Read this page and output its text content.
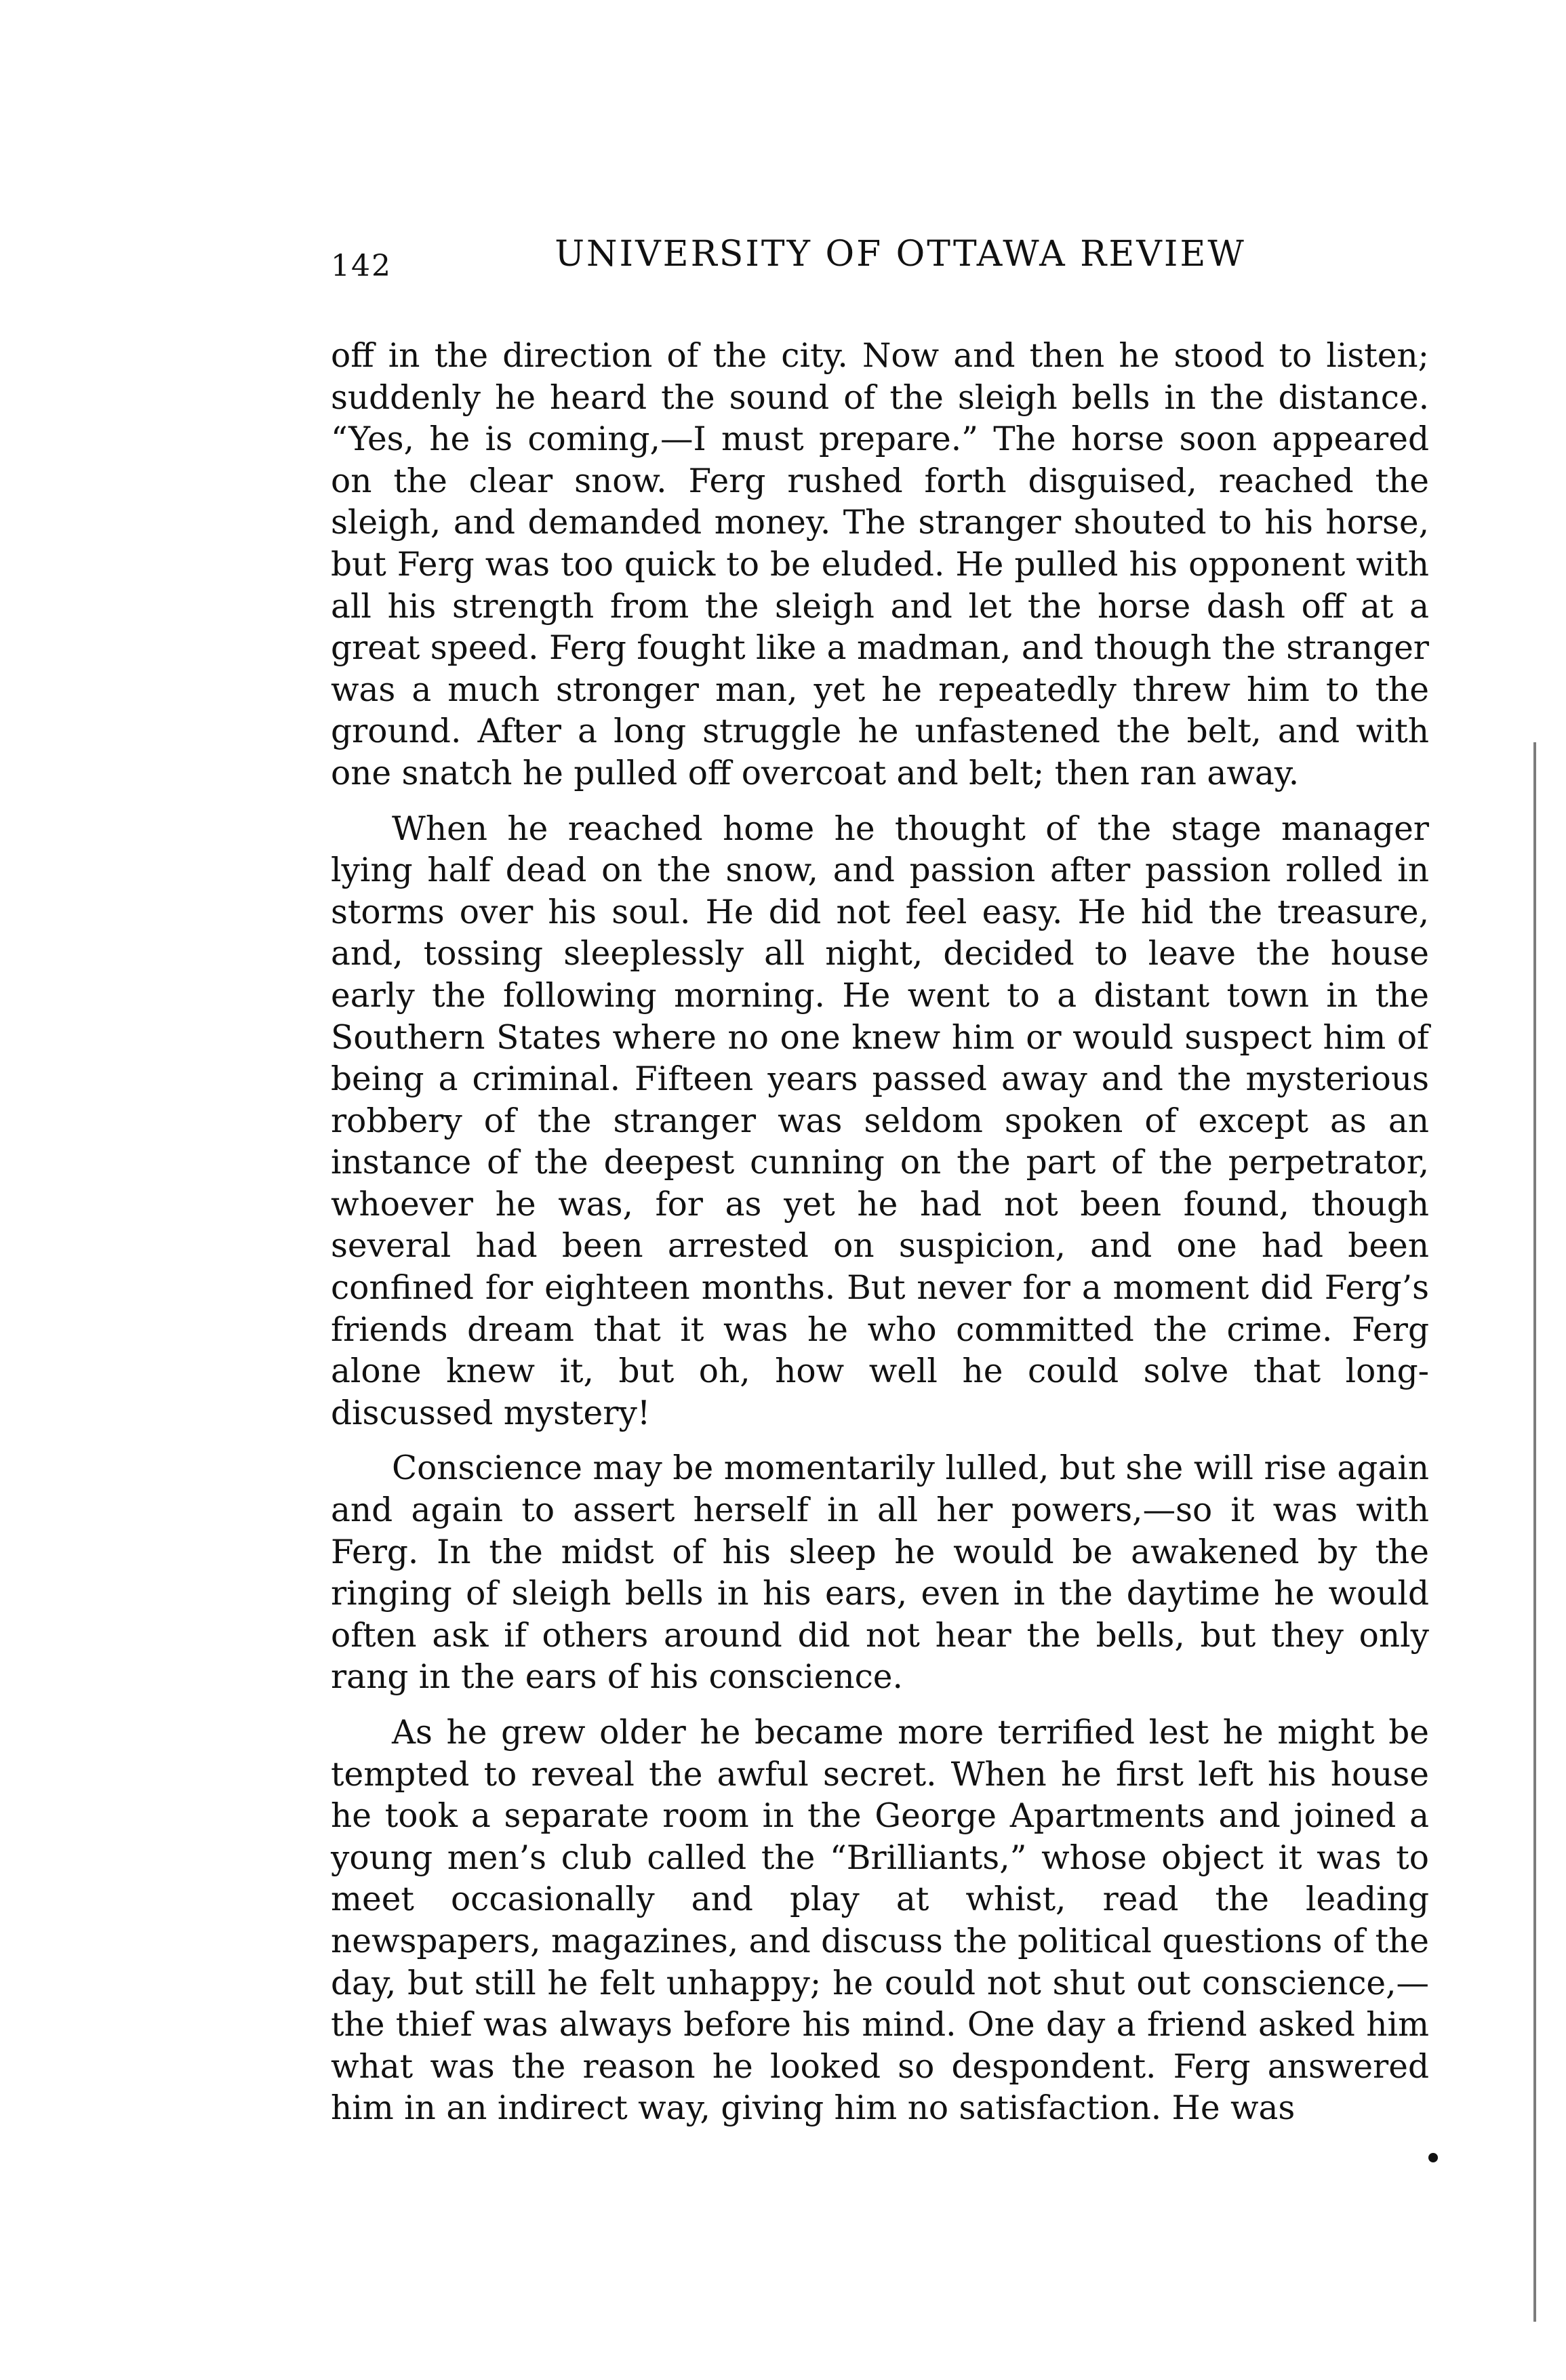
142	UNIVERSITY OF OTTAWA REVIEW

off in the direction of the city. Now and then he stood to listen; suddenly he heard the sound of the sleigh bells in the distance. “Yes, he is coming,—I must prepare.” The horse soon appeared on the clear snow. Ferg rushed forth disguised, reached the sleigh, and demanded money. The stranger shouted to his horse, but Ferg was too quick to be eluded. He pulled his opponent with all his strength from the sleigh and let the horse dash off at a great speed. Ferg fought like a madman, and though the stranger was a much stronger man, yet he repeatedly threw him to the ground. After a long struggle he unfastened the belt, and with one snatch he pulled off overcoat and belt; then ran away.

When he reached home he thought of the stage manager lying half dead on the snow, and passion after passion rolled in storms over his soul. He did not feel easy. He hid the treasure, and, tossing sleeplessly all night, decided to leave the house early the following morning. He went to a distant town in the Southern States where no one knew him or would suspect him of being a criminal. Fifteen years passed away and the mysterious robbery of the stranger was seldom spoken of except as an instance of the deepest cunning on the part of the perpetrator, whoever he was, for as yet he had not been found, though several had been arrested on suspicion, and one had been confined for eighteen months. But never for a moment did Ferg’s friends dream that it was he who committed the crime. Ferg alone knew it, but oh, how well he could solve that long-discussed mystery!

Conscience may be momentarily lulled, but she will rise again and again to assert herself in all her powers,—so it was with Ferg. In the midst of his sleep he would be awakened by the ringing of sleigh bells in his ears, even in the daytime he would often ask if others around did not hear the bells, but they only rang in the ears of his conscience.

As he grew older he became more terrified lest he might be tempted to reveal the awful secret. When he first left his house he took a separate room in the George Apartments and joined a young men’s club called the “Brilliants,” whose object it was to meet occasionally and play at whist, read the leading newspapers, magazines, and discuss the political questions of the day, but still he felt unhappy; he could not shut out conscience,—the thief was always before his mind. One day a friend asked him what was the reason he looked so despondent. Ferg answered him in an indirect way, giving him no satisfaction. He was
